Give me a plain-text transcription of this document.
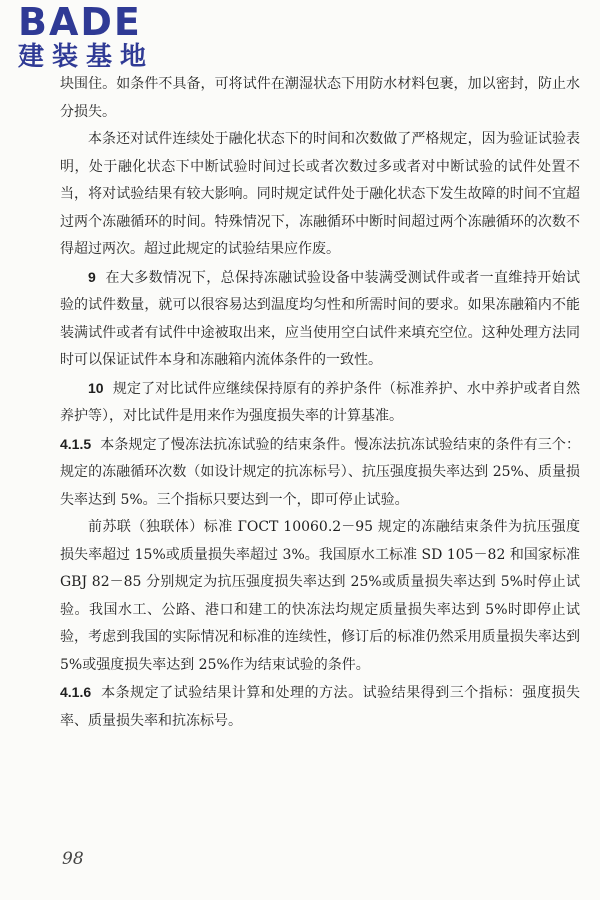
BADE
建装基地

块围住。如条件不具备，可将试件在潮湿状态下用防水材料包裹，加以密封，防止水分损失。

本条还对试件连续处于融化状态下的时间和次数做了严格规定，因为验证试验表明，处于融化状态下中断试验时间过长或者次数过多或者对中断试验的试件处置不当，将对试验结果有较大影响。同时规定试件处于融化状态下发生故障的时间不宜超过两个冻融循环的时间。特殊情况下，冻融循环中断时间超过两个冻融循环的次数不得超过两次。超过此规定的试验结果应作废。

9 在大多数情况下，总保持冻融试验设备中装满受测试件或者一直维持开始试验的试件数量，就可以很容易达到温度均匀性和所需时间的要求。如果冻融箱内不能装满试件或者有试件中途被取出来，应当使用空白试件来填充空位。这种处理方法同时可以保证试件本身和冻融箱内流体条件的一致性。

10 规定了对比试件应继续保持原有的养护条件（标准养护、水中养护或者自然养护等），对比试件是用来作为强度损失率的计算基准。

4.1.5 本条规定了慢冻法抗冻试验的结束条件。慢冻法抗冻试验结束的条件有三个：规定的冻融循环次数（如设计规定的抗冻标号）、抗压强度损失率达到 25%、质量损失率达到 5%。三个指标只要达到一个，即可停止试验。

前苏联（独联体）标准 ГОСТ 10060.2－95 规定的冻融结束条件为抗压强度损失率超过 15%或质量损失率超过 3%。我国原水工标准 SD 105－82 和国家标准 GBJ 82－85 分别规定为抗压强度损失率达到 25%或质量损失率达到 5%时停止试验。我国水工、公路、港口和建工的快冻法均规定质量损失率达到 5%时即停止试验，考虑到我国的实际情况和标准的连续性，修订后的标准仍然采用质量损失率达到 5%或强度损失率达到 25%作为结束试验的条件。

4.1.6 本条规定了试验结果计算和处理的方法。试验结果得到三个指标：强度损失率、质量损失率和抗冻标号。

98
